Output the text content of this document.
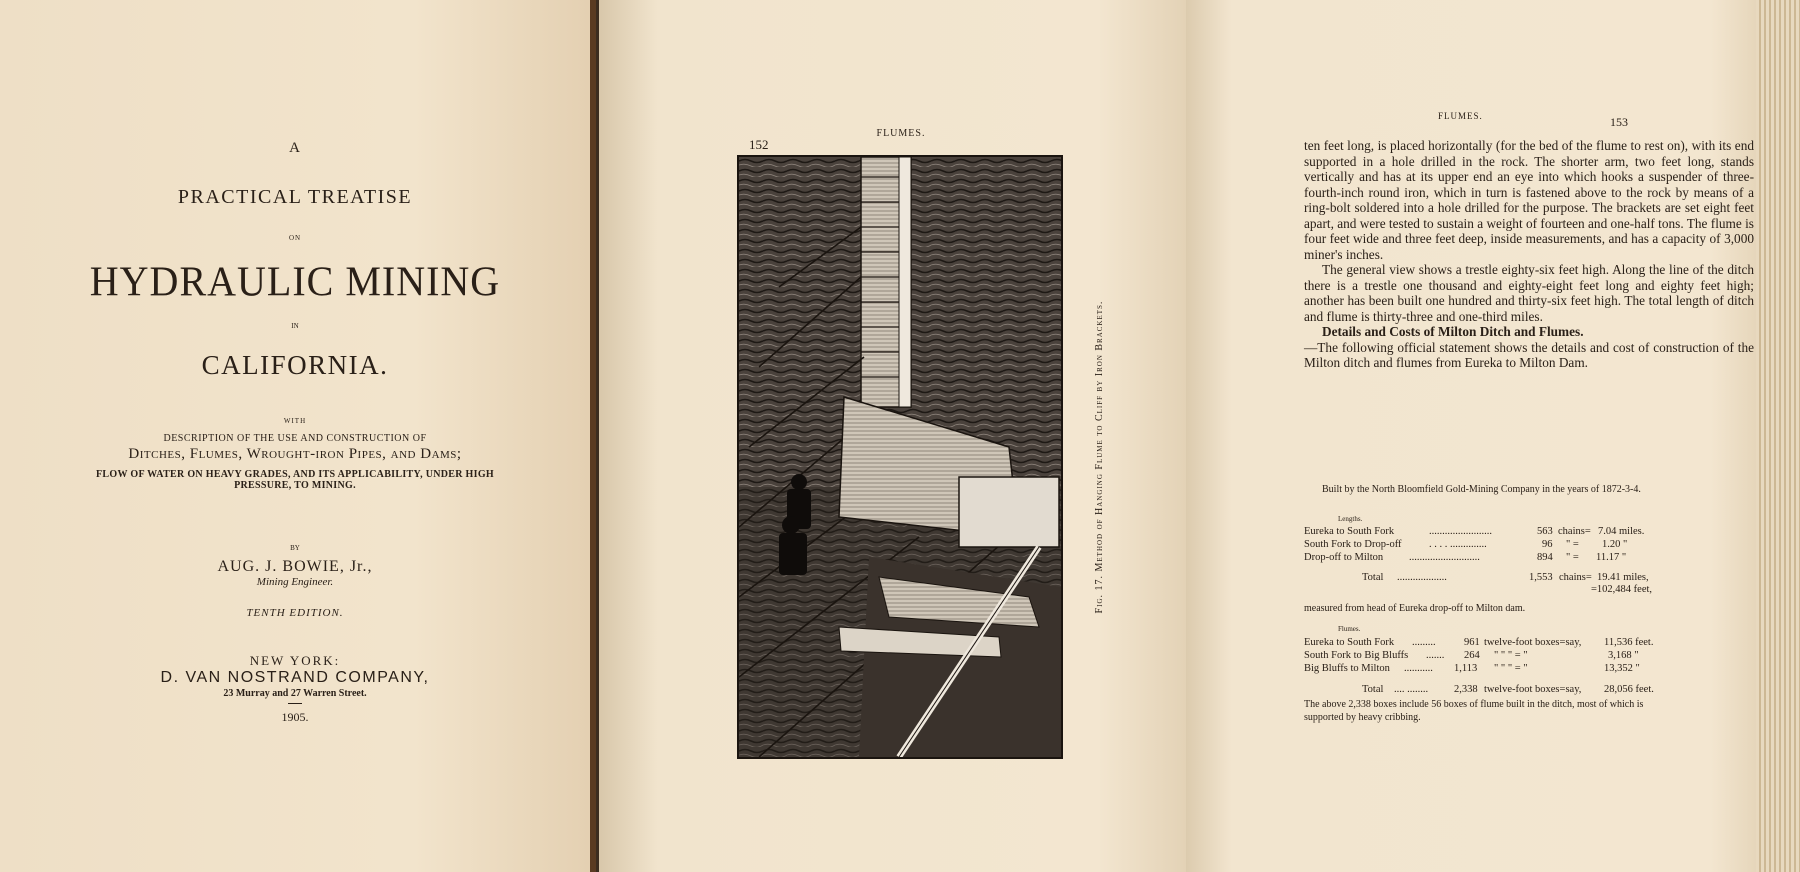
A
PRACTICAL TREATISE
ON
HYDRAULIC MINING
IN
CALIFORNIA.
WITH
DESCRIPTION OF THE USE AND CONSTRUCTION OF
Ditches, Flumes, Wrought-iron Pipes, and Dams;
FLOW OF WATER ON HEAVY GRADES, AND ITS APPLICABILITY, UNDER HIGH PRESSURE, TO MINING.
BY
AUG. J. BOWIE, Jr.,
Mining Engineer.
TENTH EDITION.
NEW YORK:
D. VAN NOSTRAND COMPANY,
23 Murray and 27 Warren Street.
1905.
152
FLUMES.
Fig. 17. Method of Hanging Flume to Cliff by Iron Brackets.
FLUMES.	153

ten feet long, is placed horizontally (for the bed of the flume to rest on), with its end supported in a hole drilled in the rock. The shorter arm, two feet long, stands vertically and has at its upper end an eye into which hooks a suspender of three-fourth-inch round iron, which in turn is fastened above to the rock by means of a ring-bolt soldered into a hole drilled for the purpose. The brackets are set eight feet apart, and were tested to sustain a weight of fourteen and one-half tons. The flume is four feet wide and three feet deep, inside measurements, and has a capacity of 3,000 miner's inches.

The general view shows a trestle eighty-six feet high. Along the line of the ditch there is a trestle one thousand and eighty-eight feet long and eighty feet high; another has been built one hundred and thirty-six feet high. The total length of ditch and flume is thirty-three and one-third miles.

Details and Costs of Milton Ditch and Flumes.

—The following official statement shows the details and cost of construction of the Milton ditch and flumes from Eureka to Milton Dam.

Built by the North Bloomfield Gold-Mining Company in the years of 1872-3-4.
Lengths.
Eureka to South Fork	........................	563 chains= 7.04 miles.
South Fork to Drop-off	. . . . ..............	96 " = 1.20 "
Drop-off to Milton ...........................	894 " = 11.17 "
Total ...................	1,553 chains= 19.41 miles,
=102,484 feet,
measured from head of Eureka drop-off to Milton dam.
Flumes.
Eureka to South Fork .........	961 twelve-foot boxes=say, 11,536 feet.
South Fork to Big Bluffs ....... 264 " " " = "	3,168 "
Big Bluffs to Milton ........... 1,113 " " " = "	13,352 "
Total .... ........ 2,338 twelve-foot boxes=say, 28,056 feet.
The above 2,338 boxes include 56 boxes of flume built in the ditch, most of which is supported by heavy cribbing.
